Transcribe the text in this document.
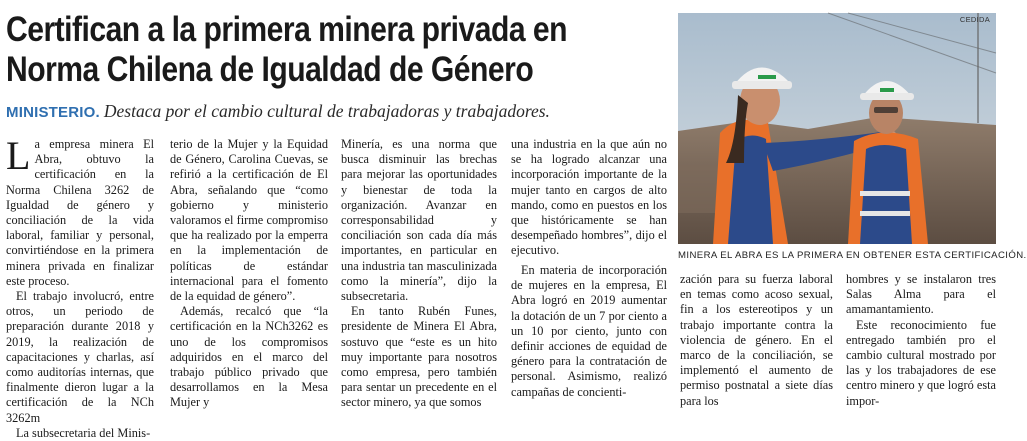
Certifican a la primera minera privada en
Norma Chilena de Igualdad de Género
MINISTERIO. Destaca por el cambio cultural de trabajadoras y trabajadores.
CEDIDA
MINERA EL ABRA ES LA PRIMERA EN OBTENER ESTA CERTIFICACIÓN.

La empresa minera El Abra, obtuvo la certificación en la Norma Chilena 3262 de Igualdad de género y conciliación de la vida laboral, familiar y personal, convirtiéndose en la primera minera privada en finalizar este proceso.

El trabajo involucró, entre otros, un periodo de preparación durante 2018 y 2019, la realización de capacitaciones y charlas, así como auditorías internas, que finalmente dieron lugar a la certificación de la NCh 3262m

La subsecretaria del Minis-

terio de la Mujer y la Equidad de Género, Carolina Cuevas, se refirió a la certificación de El Abra, señalando que “como gobierno y ministerio valoramos el firme compromiso que ha realizado por la emperra en la implementación de políticas de estándar internacional para el fomento de la equidad de género”.

Además, recalcó que “la certificación en la NCh3262 es uno de los compromisos adquiridos en el marco del trabajo público privado que desarrollamos en la Mesa Mujer y

Minería, es una norma que busca disminuir las brechas para mejorar las oportunidades y bienestar de toda la organización. Avanzar en corresponsabilidad y conciliación son cada día más importantes, en particular en una industria tan masculinizada como la minería”, dijo la subsecretaria.

En tanto Rubén Funes, presidente de Minera El Abra, sostuvo que “este es un hito muy importante para nosotros como empresa, pero también para sentar un precedente en el sector minero, ya que somos

una industria en la que aún no se ha logrado alcanzar una incorporación importante de la mujer tanto en cargos de alto mando, como en puestos en los que históricamente se han desempeñado hombres”, dijo el ejecutivo.

En materia de incorporación de mujeres en la empresa, El Abra logró en 2019 aumentar la dotación de un 7 por ciento a un 10 por ciento, junto con definir acciones de equidad de género para la contratación de personal. Asimismo, realizó campañas de concienti-

zación para su fuerza laboral en temas como acoso sexual, fin a los estereotipos y un trabajo importante contra la violencia de género. En el marco de la conciliación, se implementó el aumento de permiso postnatal a siete días para los

hombres y se instalaron tres Salas Alma para el amamantamiento.

Este reconocimiento fue entregado también pro el cambio cultural mostrado por las y los trabajadores de ese centro minero y que logró esta impor-
